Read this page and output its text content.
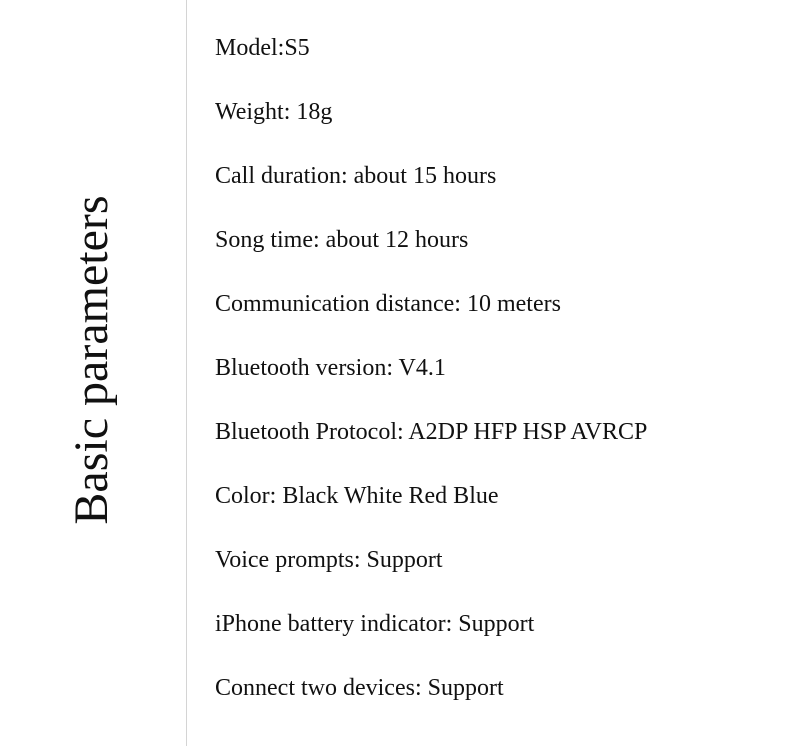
Basic parameters
Model:S5
Weight: 18g
Call duration: about 15 hours
Song time: about 12 hours
Communication distance: 10 meters
Bluetooth version: V4.1
Bluetooth Protocol: A2DP HFP HSP AVRCP
Color: Black White Red Blue
Voice prompts: Support
iPhone battery indicator: Support
Connect two devices: Support
